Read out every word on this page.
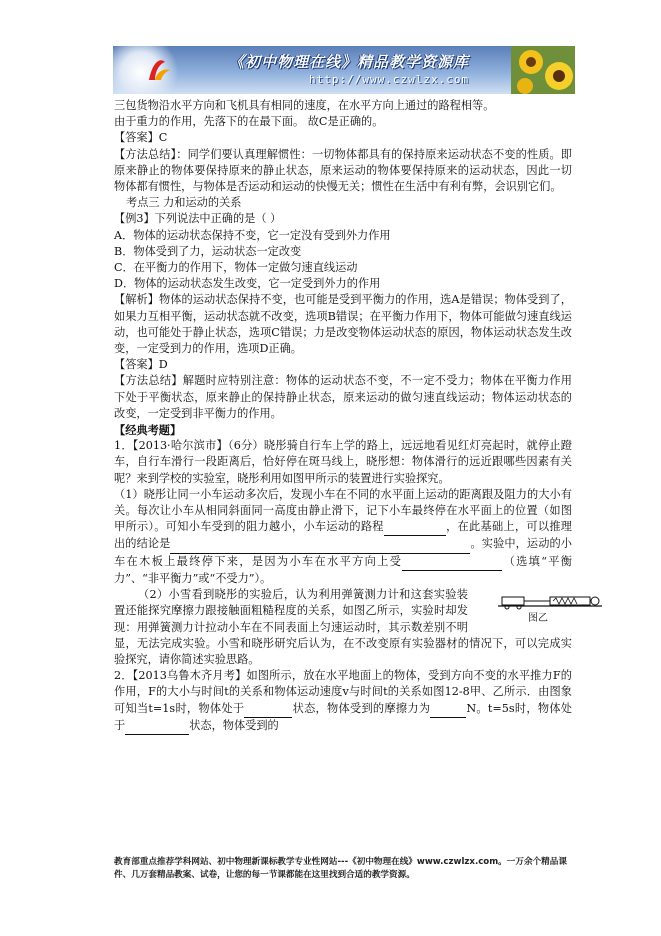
《初中物理在线》精品教学资源库
http://www.czwlzx.com

三包货物沿水平方向和飞机具有相同的速度，在水平方向上通过的路程相等。

由于重力的作用，先落下的在最下面。 故C是正确的。

【答案】C

【方法总结】：同学们要认真理解惯性：一切物体都具有的保持原来运动状态不变的性质。即原来静止的物体要保持原来的静止状态，原来运动的物体要保持原来的运动状态，因此一切物体都有惯性，与物体是否运动和运动的快慢无关；惯性在生活中有利有弊，会识别它们。

考点三 力和运动的关系

【例3】下列说法中正确的是（ ）

A．物体的运动状态保持不变，它一定没有受到外力作用

B．物体受到了力，运动状态一定改变

C．在平衡力的作用下，物体一定做匀速直线运动

D．物体的运动状态发生改变，它一定受到外力的作用

【解析】物体的运动状态保持不变，也可能是受到平衡力的作用，选A是错误；物体受到了，如果力互相平衡，运动状态就不改变，选项B错误；在平衡力作用下，物体可能做匀速直线运动，也可能处于静止状态，选项C错误；力是改变物体运动状态的原因，物体运动状态发生改变，一定受到力的作用，选项D正确。

【答案】D

【方法总结】解题时应特别注意：物体的运动状态不变，不一定不受力；物体在平衡力作用下处于平衡状态，原来静止的保持静止状态，原来运动的做匀速直线运动；物体运动状态的改变，一定受到非平衡力的作用。

【经典考题】

1．【2013·哈尔滨市】（6分）晓彤骑自行车上学的路上，远远地看见红灯亮起时，就停止蹬车，自行车滑行一段距离后，恰好停在斑马线上，晓彤想：物体滑行的远近跟哪些因素有关呢？来到学校的实验室，晓彤利用如图甲所示的装置进行实验探究。

（1）晓彤让同一小车运动多次后，发现小车在不同的水平面上运动的距离跟及阻力的大小有关。每次让小车从相同斜面同一高度由静止滑下，记下小车最终停在水平面上的位置（如图甲所示）。可知小车受到的阻力越小，小车运动的路程	，在此基础上，可以推理出的结论是	。实验中，运动的小车在木板上最终停下来，是因为小车在水平方向上受	（选填“平衡力”、“非平衡力”或“不受力”）。

图乙
（2）小雪看到晓彤的实验后，认为利用弹簧测力计和这套实验装置还能探究摩擦力跟接触面粗糙程度的关系，如图乙所示，实验时却发现：用弹簧测力计拉动小车在不同表面上匀速运动时，其示数差别不明显，无法完成实验。小雪和晓彤研究后认为，在不改变原有实验器材的情况下，可以完成实验探究，请你简述实验思路。

2．【2013乌鲁木齐月考】如图所示，放在水平地面上的物体，受到方向不变的水平推力F的作用，F的大小与时间t的关系和物体运动速度v与时间t的关系如图12-8甲、乙所示．由图象可知当t=1s时，物体处于	状态，物体受到的摩擦力为	N。t=5s时，物体处于	状态，物体受到的

教育部重点推荐学科网站、初中物理新课标教学专业性网站---《初中物理在线》www.czwlzx.com。一万余个精品课件、几万套精品教案、试卷，让您的每一节课都能在这里找到合适的教学资源。
